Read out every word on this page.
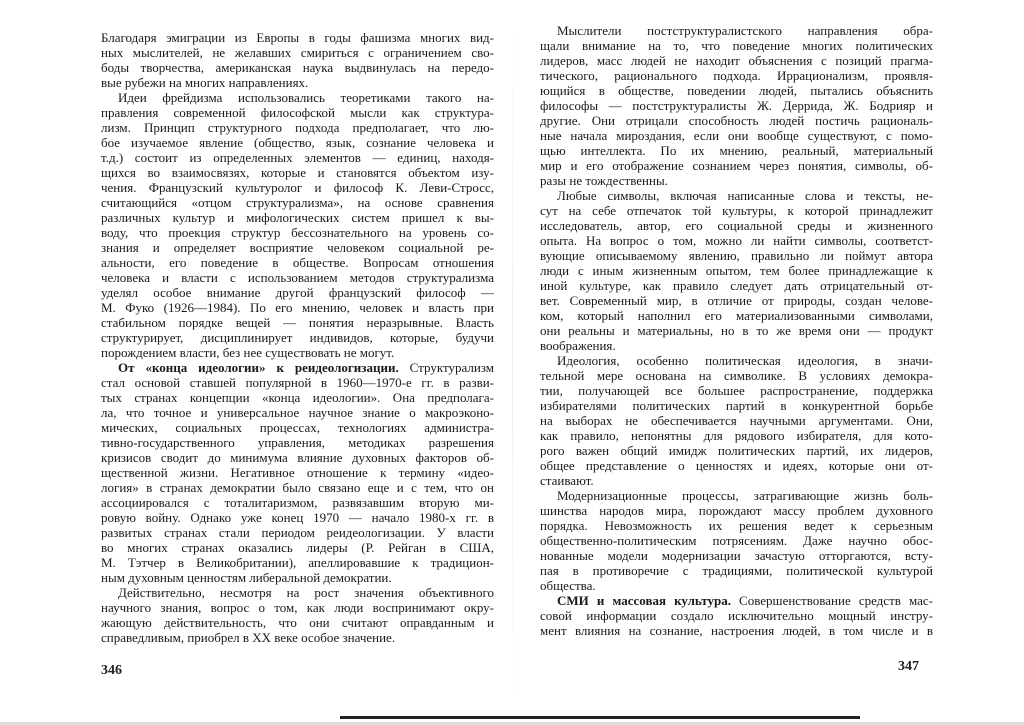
Благодаря эмиграции из Европы в годы фашизма многих вид-
ных мыслителей, не желавших смириться с ограничением сво-
боды творчества, американская наука выдвинулась на передо-
вые рубежи на многих направлениях.
Идеи фрейдизма использовались теоретиками такого на-
правления современной философской мысли как структура-
лизм. Принцип структурного подхода предполагает, что лю-
бое изучаемое явление (общество, язык, сознание человека и
т.д.) состоит из определенных элементов — единиц, находя-
щихся во взаимосвязях, которые и становятся объектом изу-
чения. Французский культуролог и философ К. Леви-Стросс,
считающийся «отцом структурализма», на основе сравнения
различных культур и мифологических систем пришел к вы-
воду, что проекция структур бессознательного на уровень со-
знания и определяет восприятие человеком социальной ре-
альности, его поведение в обществе. Вопросам отношения
человека и власти с использованием методов структурализма
уделял особое внимание другой французский философ —
М. Фуко (1926—1984). По его мнению, человек и власть при
стабильном порядке вещей — понятия неразрывные. Власть
структурирует, дисциплинирует индивидов, которые, будучи
порождением власти, без нее существовать не могут.
От «конца идеологии» к реидеологизации. Структурализм
стал основой ставшей популярной в 1960—1970-е гг. в разви-
тых странах концепции «конца идеологии». Она предполага-
ла, что точное и универсальное научное знание о макроэконо-
мических, социальных процессах, технологиях администра-
тивно-государственного управления, методиках разрешения
кризисов сводит до минимума влияние духовных факторов об-
щественной жизни. Негативное отношение к термину «идео-
логия» в странах демократии было связано еще и с тем, что он
ассоциировался с тоталитаризмом, развязавшим вторую ми-
ровую войну. Однако уже конец 1970 — начало 1980-х гг. в
развитых странах стали периодом реидеологизации. У власти
во многих странах оказались лидеры (Р. Рейган в США,
М. Тэтчер в Великобритании), апеллировавшие к традицион-
ным духовным ценностям либеральной демократии.
Действительно, несмотря на рост значения объективного
научного знания, вопрос о том, как люди воспринимают окру-
жающую действительность, что они считают оправданным и
справедливым, приобрел в XX веке особое значение.
Мыслители постструктуралистского направления обра-
щали внимание на то, что поведение многих политических
лидеров, масс людей не находит объяснения с позиций прагма-
тического, рационального подхода. Иррационализм, проявля-
ющийся в обществе, поведении людей, пытались объяснить
философы — постструктуралисты Ж. Деррида, Ж. Бодрияр и
другие. Они отрицали способность людей постичь рациональ-
ные начала мироздания, если они вообще существуют, с помо-
щью интеллекта. По их мнению, реальный, материальный
мир и его отображение сознанием через понятия, символы, об-
разы не тождественны.
Любые символы, включая написанные слова и тексты, не-
сут на себе отпечаток той культуры, к которой принадлежит
исследователь, автор, его социальной среды и жизненного
опыта. На вопрос о том, можно ли найти символы, соответст-
вующие описываемому явлению, правильно ли поймут автора
люди с иным жизненным опытом, тем более принадлежащие к
иной культуре, как правило следует дать отрицательный от-
вет. Современный мир, в отличие от природы, создан челове-
ком, который наполнил его материализованными символами,
они реальны и материальны, но в то же время они — продукт
воображения.
Идеология, особенно политическая идеология, в значи-
тельной мере основана на символике. В условиях демокра-
тии, получающей все большее распространение, поддержка
избирателями политических партий в конкурентной борьбе
на выборах не обеспечивается научными аргументами. Они,
как правило, непонятны для рядового избирателя, для кото-
рого важен общий имидж политических партий, их лидеров,
общее представление о ценностях и идеях, которые они от-
стаивают.
Модернизационные процессы, затрагивающие жизнь боль-
шинства народов мира, порождают массу проблем духовного
порядка. Невозможность их решения ведет к серьезным
общественно-политическим потрясениям. Даже научно обос-
нованные модели модернизации зачастую отторгаются, всту-
пая в противоречие с традициями, политической культурой
общества.
СМИ и массовая культура. Совершенствование средств мас-
совой информации создало исключительно мощный инстру-
мент влияния на сознание, настроения людей, в том числе и в
346	347
